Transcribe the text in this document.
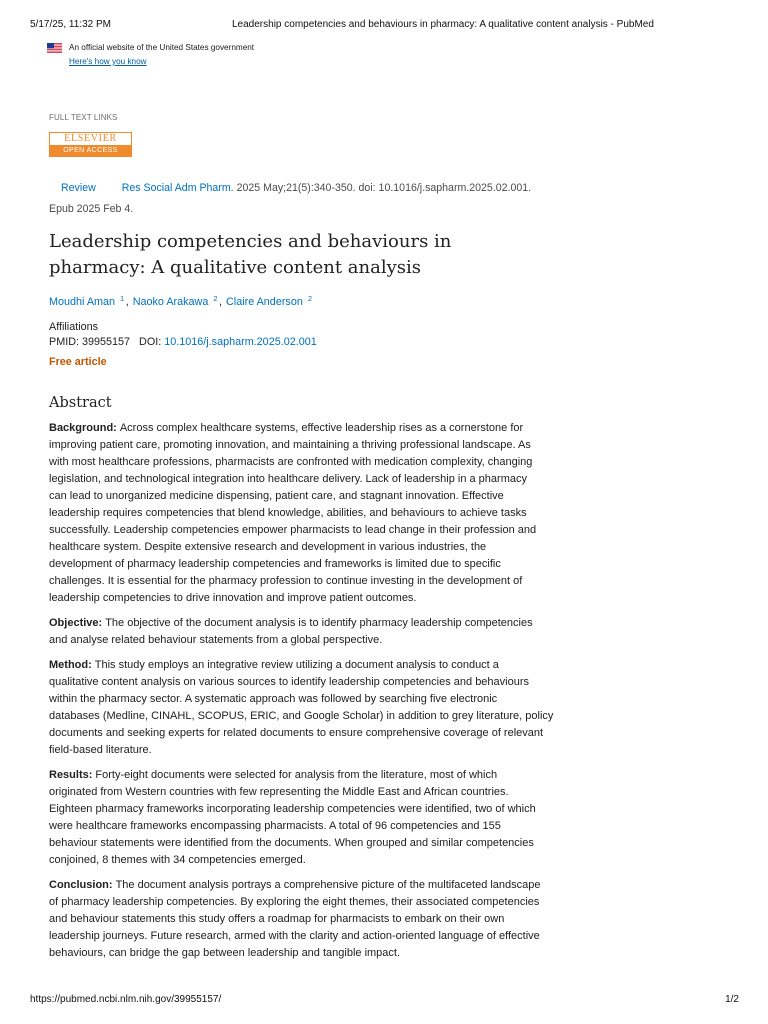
5/17/25, 11:32 PM	Leadership competencies and behaviours in pharmacy: A qualitative content analysis - PubMed
An official website of the United States government
Here's how you know
FULL TEXT LINKS
ELSEVIER
OPEN ACCESS
Review Res Social Adm Pharm. 2025 May;21(5):340-350. doi: 10.1016/j.sapharm.2025.02.001.
Epub 2025 Feb 4.
Leadership competencies and behaviours in pharmacy: A qualitative content analysis
Moudhi Aman $^1$ , Naoko Arakawa $^2$ , Claire Anderson $^2$
Affiliations
PMID: 39955157 DOI: 10.1016/j.sapharm.2025.02.001
Free article
Abstract
Background: Across complex healthcare systems, effective leadership rises as a cornerstone for
improving patient care, promoting innovation, and maintaining a thriving professional landscape. As
with most healthcare professions, pharmacists are confronted with medication complexity, changing
legislation, and technological integration into healthcare delivery. Lack of leadership in a pharmacy
can lead to unorganized medicine dispensing, patient care, and stagnant innovation. Effective
leadership requires competencies that blend knowledge, abilities, and behaviours to achieve tasks
successfully. Leadership competencies empower pharmacists to lead change in their profession and
healthcare system. Despite extensive research and development in various industries, the
development of pharmacy leadership competencies and frameworks is limited due to specific
challenges. It is essential for the pharmacy profession to continue investing in the development of
leadership competencies to drive innovation and improve patient outcomes.
Objective: The objective of the document analysis is to identify pharmacy leadership competencies
and analyse related behaviour statements from a global perspective.
Method: This study employs an integrative review utilizing a document analysis to conduct a
qualitative content analysis on various sources to identify leadership competencies and behaviours
within the pharmacy sector. A systematic approach was followed by searching five electronic
databases (Medline, CINAHL, SCOPUS, ERIC, and Google Scholar) in addition to grey literature, policy
documents and seeking experts for related documents to ensure comprehensive coverage of relevant
field-based literature.
Results: Forty-eight documents were selected for analysis from the literature, most of which
originated from Western countries with few representing the Middle East and African countries.
Eighteen pharmacy frameworks incorporating leadership competencies were identified, two of which
were healthcare frameworks encompassing pharmacists. A total of 96 competencies and 155
behaviour statements were identified from the documents. When grouped and similar competencies
conjoined, 8 themes with 34 competencies emerged.
Conclusion: The document analysis portrays a comprehensive picture of the multifaceted landscape
of pharmacy leadership competencies. By exploring the eight themes, their associated competencies
and behaviour statements this study offers a roadmap for pharmacists to embark on their own
leadership journeys. Future research, armed with the clarity and action-oriented language of effective
behaviours, can bridge the gap between leadership and tangible impact.
https://pubmed.ncbi.nlm.nih.gov/39955157/	1/2
